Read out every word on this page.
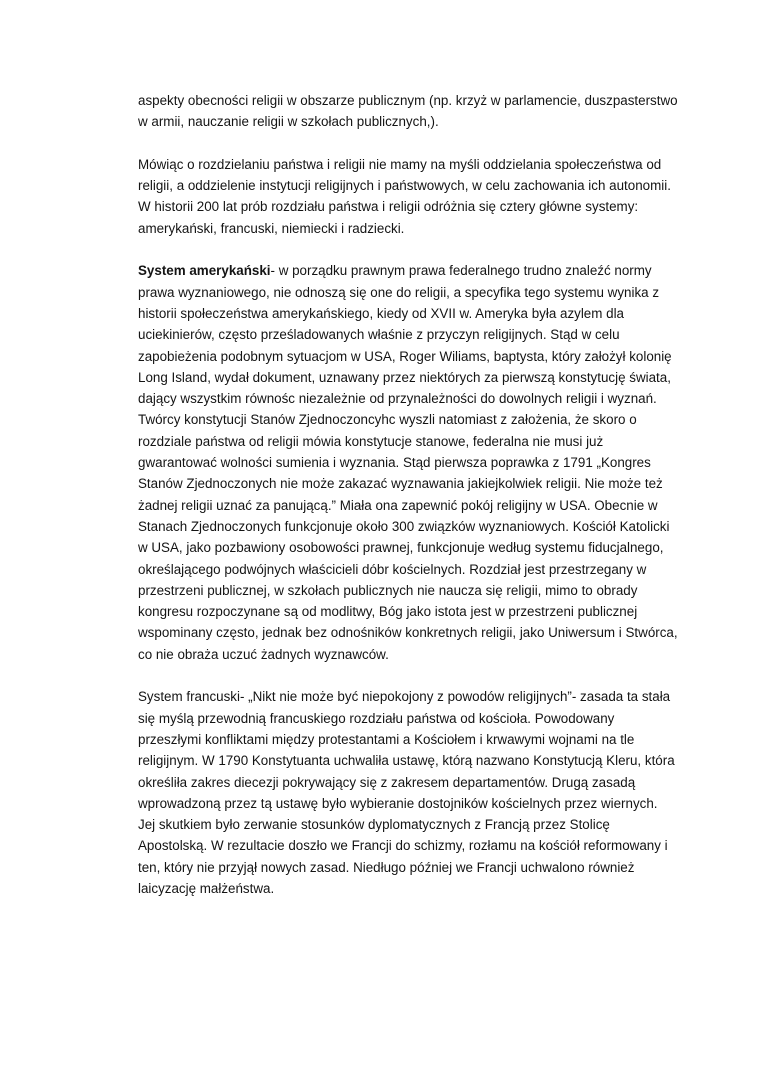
aspekty obecności religii w obszarze publicznym (np. krzyż w parlamencie, duszpasterstwo w armii, nauczanie religii w szkołach publicznych,).

Mówiąc o rozdzielaniu państwa i religii nie mamy na myśli oddzielania społeczeństwa od religii, a oddzielenie instytucji religijnych i państwowych, w celu zachowania ich autonomii. W historii 200 lat prób rozdziału państwa i religii odróżnia się cztery główne systemy: amerykański, francuski, niemiecki i radziecki.

System amerykański- w porządku prawnym prawa federalnego trudno znaleźć normy prawa wyznaniowego, nie odnoszą się one do religii, a specyfika tego systemu wynika z historii społeczeństwa amerykańskiego, kiedy od XVII w. Ameryka była azylem dla uciekinierów, często prześladowanych właśnie z przyczyn religijnych. Stąd w celu zapobieżenia podobnym sytuacjom w USA, Roger Wiliams, baptysta, który założył kolonię Long Island, wydał dokument, uznawany przez niektórych za pierwszą konstytucję świata, dający wszystkim równośc niezależnie od przynależności do dowolnych religii i wyznań. Twórcy konstytucji Stanów Zjednoczoncyhc wyszli natomiast z założenia, że skoro o rozdziale państwa od religii mówia konstytucje stanowe, federalna nie musi już gwarantować wolności sumienia i wyznania. Stąd pierwsza poprawka z 1791 „Kongres Stanów Zjednoczonych nie może zakazać wyznawania jakiejkolwiek religii. Nie może też żadnej religii uznać za panującą.” Miała ona zapewnić pokój religijny w USA. Obecnie w Stanach Zjednoczonych funkcjonuje około 300 związków wyznaniowych. Kościół Katolicki w USA, jako pozbawiony osobowości prawnej, funkcjonuje według systemu fiducjalnego, określającego podwójnych właścicieli dóbr kościelnych. Rozdział jest przestrzegany w przestrzeni publicznej, w szkołach publicznych nie naucza się religii, mimo to obrady kongresu rozpoczynane są od modlitwy, Bóg jako istota jest w przestrzeni publicznej wspominany często, jednak bez odnośników konkretnych religii, jako Uniwersum i Stwórca, co nie obraża uczuć żadnych wyznawców.

System francuski- „Nikt nie może być niepokojony z powodów religijnych”- zasada ta stała się myślą przewodnią francuskiego rozdziału państwa od kościoła. Powodowany przeszłymi konfliktami między protestantami a Kościołem i krwawymi wojnami na tle religijnym. W 1790 Konstytuanta uchwaliła ustawę, którą nazwano Konstytucją Kleru, która określiła zakres diecezji pokrywający się z zakresem departamentów. Drugą zasadą wprowadzoną przez tą ustawę było wybieranie dostojników kościelnych przez wiernych. Jej skutkiem było zerwanie stosunków dyplomatycznych z Francją przez Stolicę Apostolską. W rezultacie doszło we Francji do schizmy, rozłamu na kościół reformowany i ten, który nie przyjął nowych zasad. Niedługo później we Francji uchwalono również laicyzację małżeństwa.
